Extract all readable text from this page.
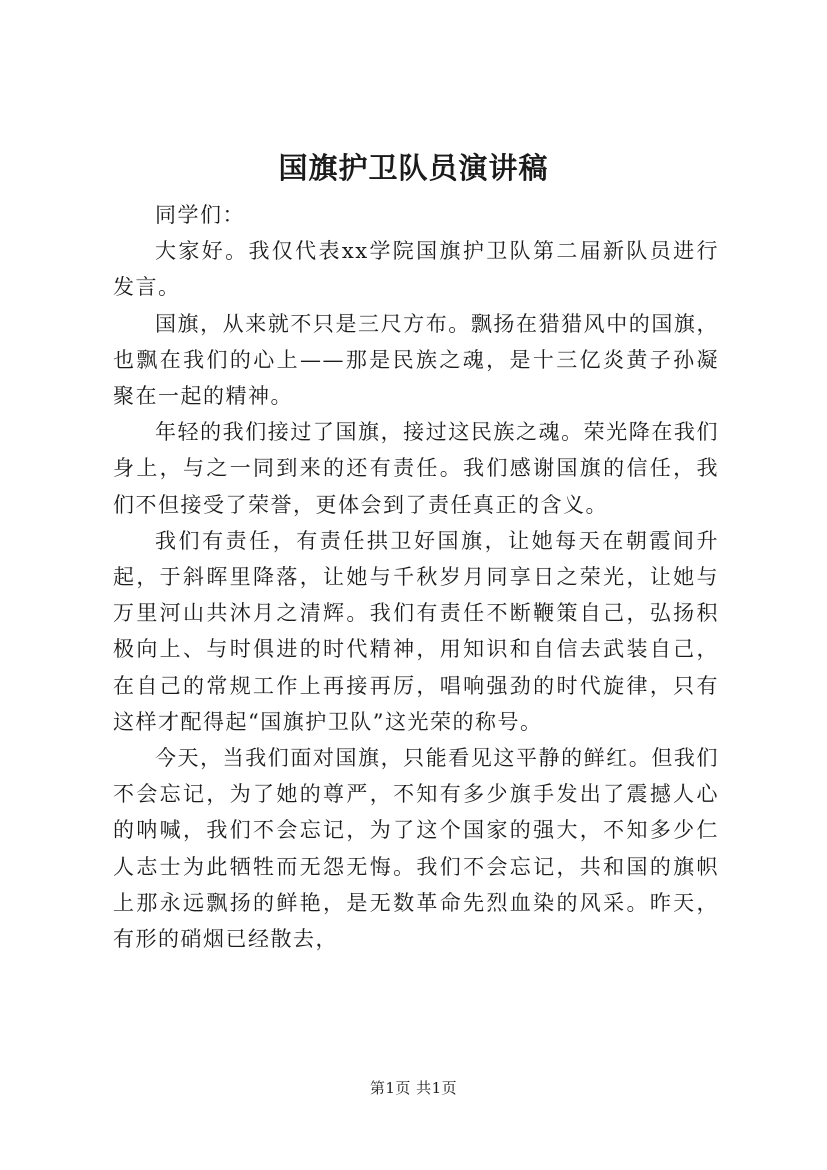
国旗护卫队员演讲稿

同学们：

大家好。我仅代表xx学院国旗护卫队第二届新队员进行发言。

国旗，从来就不只是三尺方布。飘扬在猎猎风中的国旗，也飘在我们的心上——那是民族之魂，是十三亿炎黄子孙凝聚在一起的精神。

年轻的我们接过了国旗，接过这民族之魂。荣光降在我们身上，与之一同到来的还有责任。我们感谢国旗的信任，我们不但接受了荣誉，更体会到了责任真正的含义。

我们有责任，有责任拱卫好国旗，让她每天在朝霞间升起，于斜晖里降落，让她与千秋岁月同享日之荣光，让她与万里河山共沐月之清辉。我们有责任不断鞭策自己，弘扬积极向上、与时俱进的时代精神，用知识和自信去武装自己，在自己的常规工作上再接再厉，唱响强劲的时代旋律，只有这样才配得起“国旗护卫队”这光荣的称号。

今天，当我们面对国旗，只能看见这平静的鲜红。但我们不会忘记，为了她的尊严，不知有多少旗手发出了震撼人心的呐喊，我们不会忘记，为了这个国家的强大，不知多少仁人志士为此牺牲而无怨无悔。我们不会忘记，共和国的旗帜上那永远飘扬的鲜艳，是无数革命先烈血染的风采。昨天，有形的硝烟已经散去，

第1页 共1页
